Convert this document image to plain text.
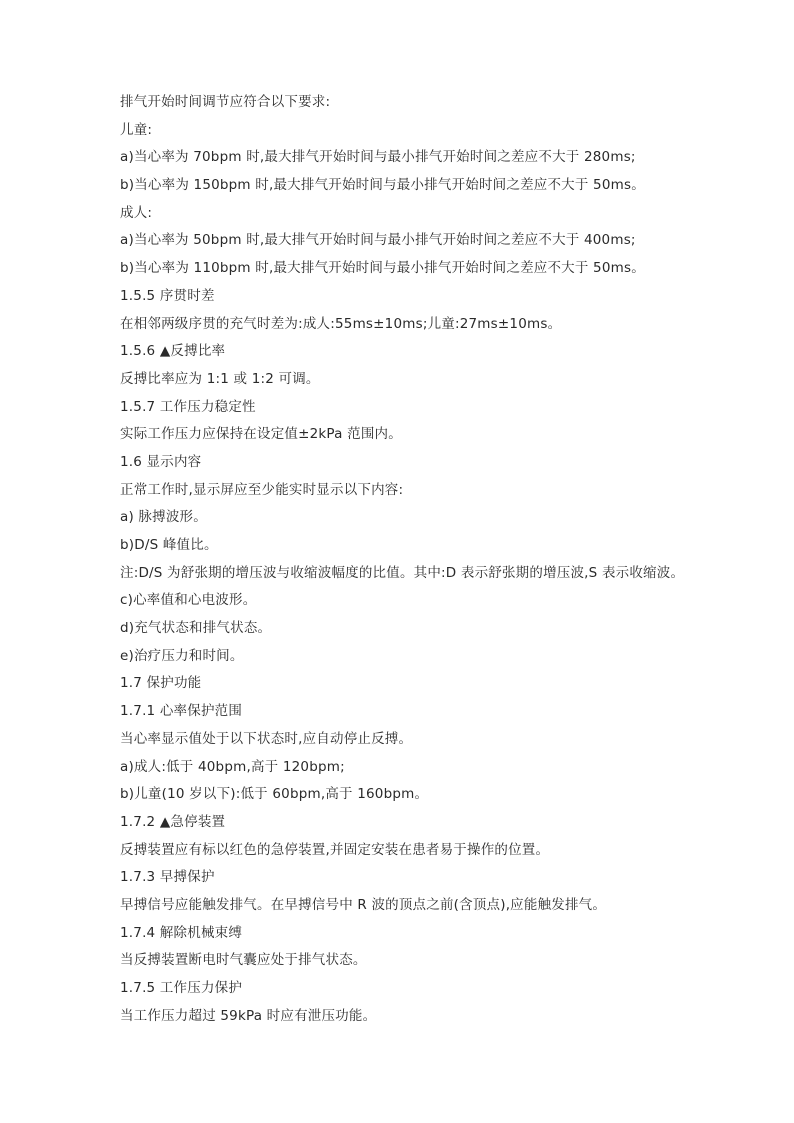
排气开始时间调节应符合以下要求:
儿童:
a)当心率为 70bpm 时,最大排气开始时间与最小排气开始时间之差应不大于 280ms;
b)当心率为 150bpm 时,最大排气开始时间与最小排气开始时间之差应不大于 50ms。
成人:
a)当心率为 50bpm 时,最大排气开始时间与最小排气开始时间之差应不大于 400ms;
b)当心率为 110bpm 时,最大排气开始时间与最小排气开始时间之差应不大于 50ms。
1.5.5 序贯时差
在相邻两级序贯的充气时差为:成人:55ms±10ms;儿童:27ms±10ms。
1.5.6 ▲反搏比率
反搏比率应为 1:1 或 1:2 可调。
1.5.7 工作压力稳定性
实际工作压力应保持在设定值±2kPa 范围内。
1.6 显示内容
正常工作时,显示屏应至少能实时显示以下内容:
a) 脉搏波形。
b)D/S 峰值比。
注:D/S 为舒张期的增压波与收缩波幅度的比值。其中:D 表示舒张期的增压波,S 表示收缩波。
c)心率值和心电波形。
d)充气状态和排气状态。
e)治疗压力和时间。
1.7 保护功能
1.7.1 心率保护范围
当心率显示值处于以下状态时,应自动停止反搏。
a)成人:低于 40bpm,高于 120bpm;
b)儿童(10 岁以下):低于 60bpm,高于 160bpm。
1.7.2 ▲急停装置
反搏装置应有标以红色的急停装置,并固定安装在患者易于操作的位置。
1.7.3 早搏保护
早搏信号应能触发排气。在早搏信号中 R 波的顶点之前(含顶点),应能触发排气。
1.7.4 解除机械束缚
当反搏装置断电时气囊应处于排气状态。
1.7.5 工作压力保护
当工作压力超过 59kPa 时应有泄压功能。
